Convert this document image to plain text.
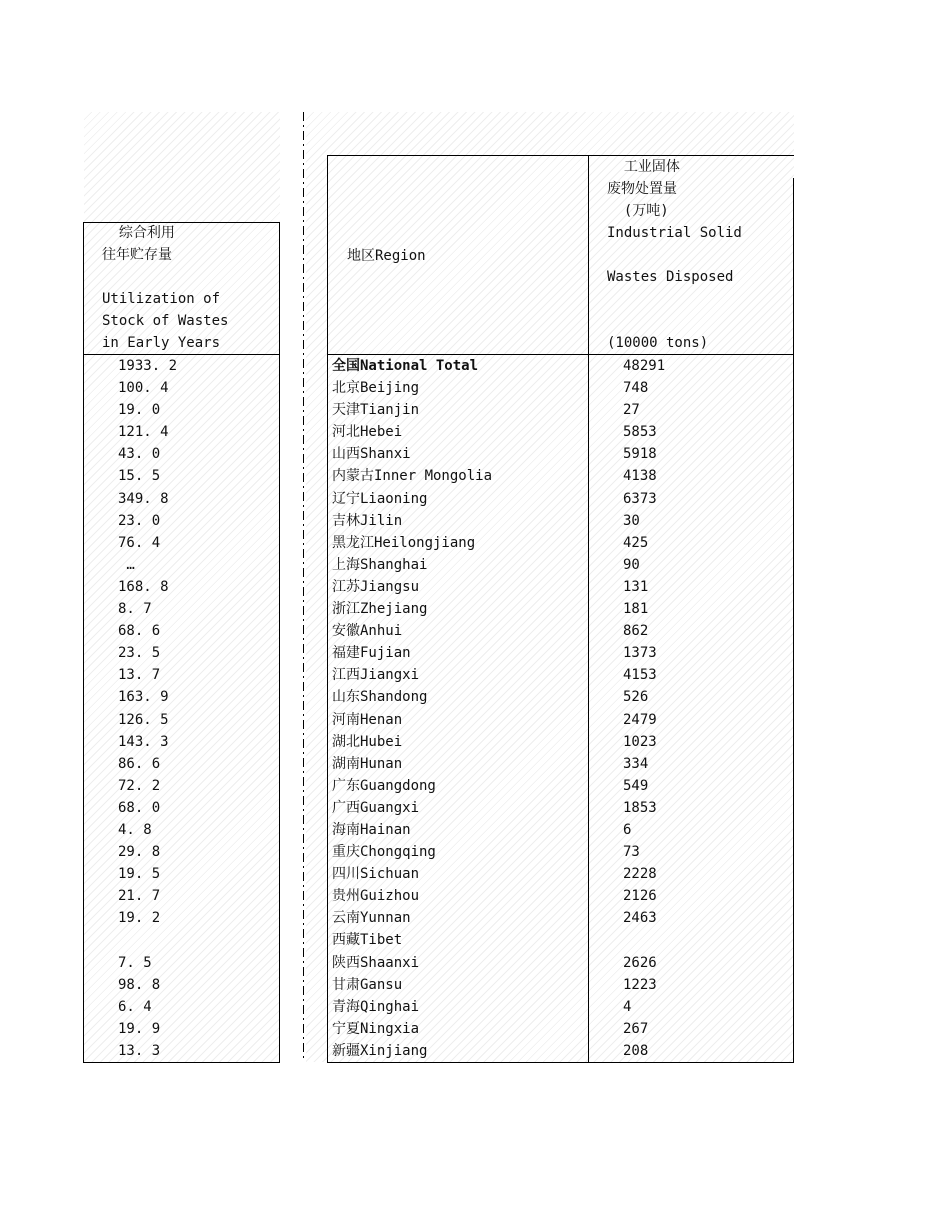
综合利用
往年贮存量
Utilization of
Stock of Wastes
in Early Years
1933. 2
100. 4
19. 0
121. 4
43. 0
15. 5
349. 8
23. 0
76. 4
…
168. 8
8. 7
68. 6
23. 5
13. 7
163. 9
126. 5
143. 3
86. 6
72. 2
68. 0
4. 8
29. 8
19. 5
21. 7
19. 2
7. 5
98. 8
6. 4
19. 9
13. 3
地区Region
工业固体
废物处置量
(万吨)
Industrial Solid
Wastes Disposed
(10000 tons)
全国National Total
北京Beijing
天津Tianjin
河北Hebei
山西Shanxi
内蒙古Inner Mongolia
辽宁Liaoning
吉林Jilin
黑龙江Heilongjiang
上海Shanghai
江苏Jiangsu
浙江Zhejiang
安徽Anhui
福建Fujian
江西Jiangxi
山东Shandong
河南Henan
湖北Hubei
湖南Hunan
广东Guangdong
广西Guangxi
海南Hainan
重庆Chongqing
四川Sichuan
贵州Guizhou
云南Yunnan
西藏Tibet
陕西Shaanxi
甘肃Gansu
青海Qinghai
宁夏Ningxia
新疆Xinjiang
48291
748
27
5853
5918
4138
6373
30
425
90
131
181
862
1373
4153
526
2479
1023
334
549
1853
6
73
2228
2126
2463
2626
1223
4
267
208
